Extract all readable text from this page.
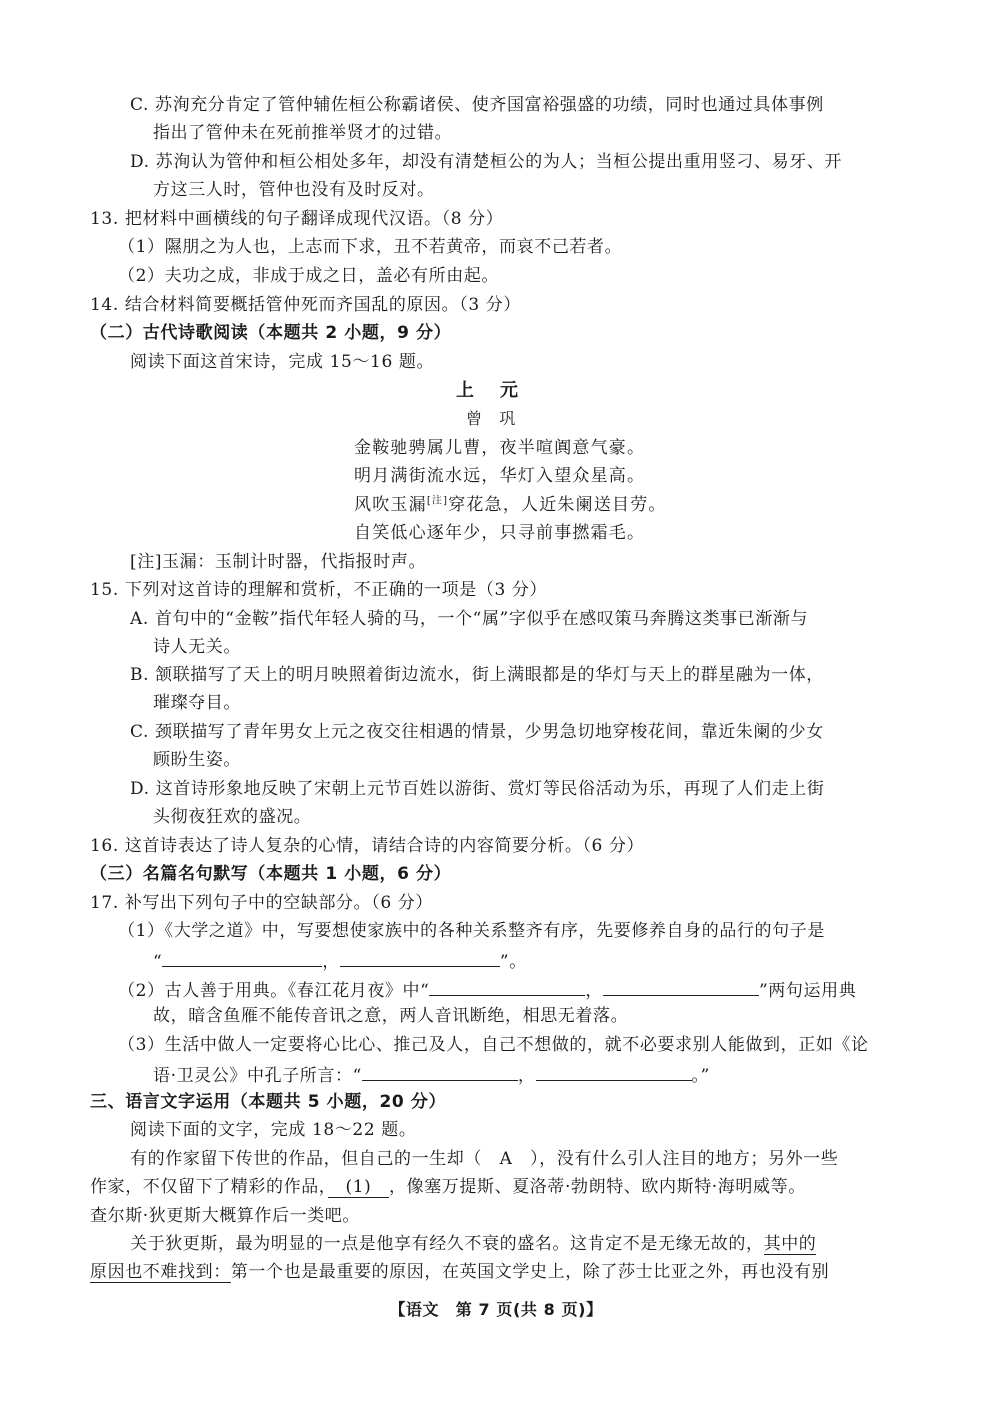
C. 苏洵充分肯定了管仲辅佐桓公称霸诸侯、使齐国富裕强盛的功绩，同时也通过具体事例
指出了管仲未在死前推举贤才的过错。
D. 苏洵认为管仲和桓公相处多年，却没有清楚桓公的为人；当桓公提出重用竖刁、易牙、开
方这三人时，管仲也没有及时反对。
13. 把材料中画横线的句子翻译成现代汉语。（8 分）
（1）隰朋之为人也，上志而下求，丑不若黄帝，而哀不己若者。
（2）夫功之成，非成于成之日，盖必有所由起。
14. 结合材料简要概括管仲死而齐国乱的原因。（3 分）
（二）古代诗歌阅读（本题共 2 小题，9 分）
阅读下面这首宋诗，完成 15～16 题。
上元
曾　巩
金鞍驰骋属儿曹，夜半喧阗意气豪。
明月满街流水远，华灯入望众星高。
风吹玉漏[注]穿花急，人近朱阑送目劳。
自笑低心逐年少，只寻前事撚霜毛。
[注]玉漏：玉制计时器，代指报时声。
15. 下列对这首诗的理解和赏析，不正确的一项是（3 分）
A. 首句中的“金鞍”指代年轻人骑的马，一个“属”字似乎在感叹策马奔腾这类事已渐渐与
诗人无关。
B. 颔联描写了天上的明月映照着街边流水，街上满眼都是的华灯与天上的群星融为一体，
璀璨夺目。
C. 颈联描写了青年男女上元之夜交往相遇的情景，少男急切地穿梭花间，靠近朱阑的少女
顾盼生姿。
D. 这首诗形象地反映了宋朝上元节百姓以游街、赏灯等民俗活动为乐，再现了人们走上街
头彻夜狂欢的盛况。
16. 这首诗表达了诗人复杂的心情，请结合诗的内容简要分析。（6 分）
（三）名篇名句默写（本题共 1 小题，6 分）
17. 补写出下列句子中的空缺部分。（6 分）
（1）《大学之道》中，写要想使家族中的各种关系整齐有序，先要修养自身的品行的句子是
“	，	”。
（2）古人善于用典。《春江花月夜》中“	，	”两句运用典
故，暗含鱼雁不能传音讯之意，两人音讯断绝，相思无着落。
（3）生活中做人一定要将心比心、推己及人，自己不想做的，就不必要求别人能做到，正如《论
语·卫灵公》中孔子所言：“	，	。”
三、语言文字运用（本题共 5 小题，20 分）
阅读下面的文字，完成 18～22 题。
有的作家留下传世的作品，但自己的一生却（　A　），没有什么引人注目的地方；另外一些
作家，不仅留下了精彩的作品，　(1)　，像塞万提斯、夏洛蒂·勃朗特、欧内斯特·海明威等。
查尔斯·狄更斯大概算作后一类吧。
关于狄更斯，最为明显的一点是他享有经久不衰的盛名。这肯定不是无缘无故的，其中的
原因也不难找到：第一个也是最重要的原因，在英国文学史上，除了莎士比亚之外，再也没有别
【语文　第 7 页(共 8 页)】
